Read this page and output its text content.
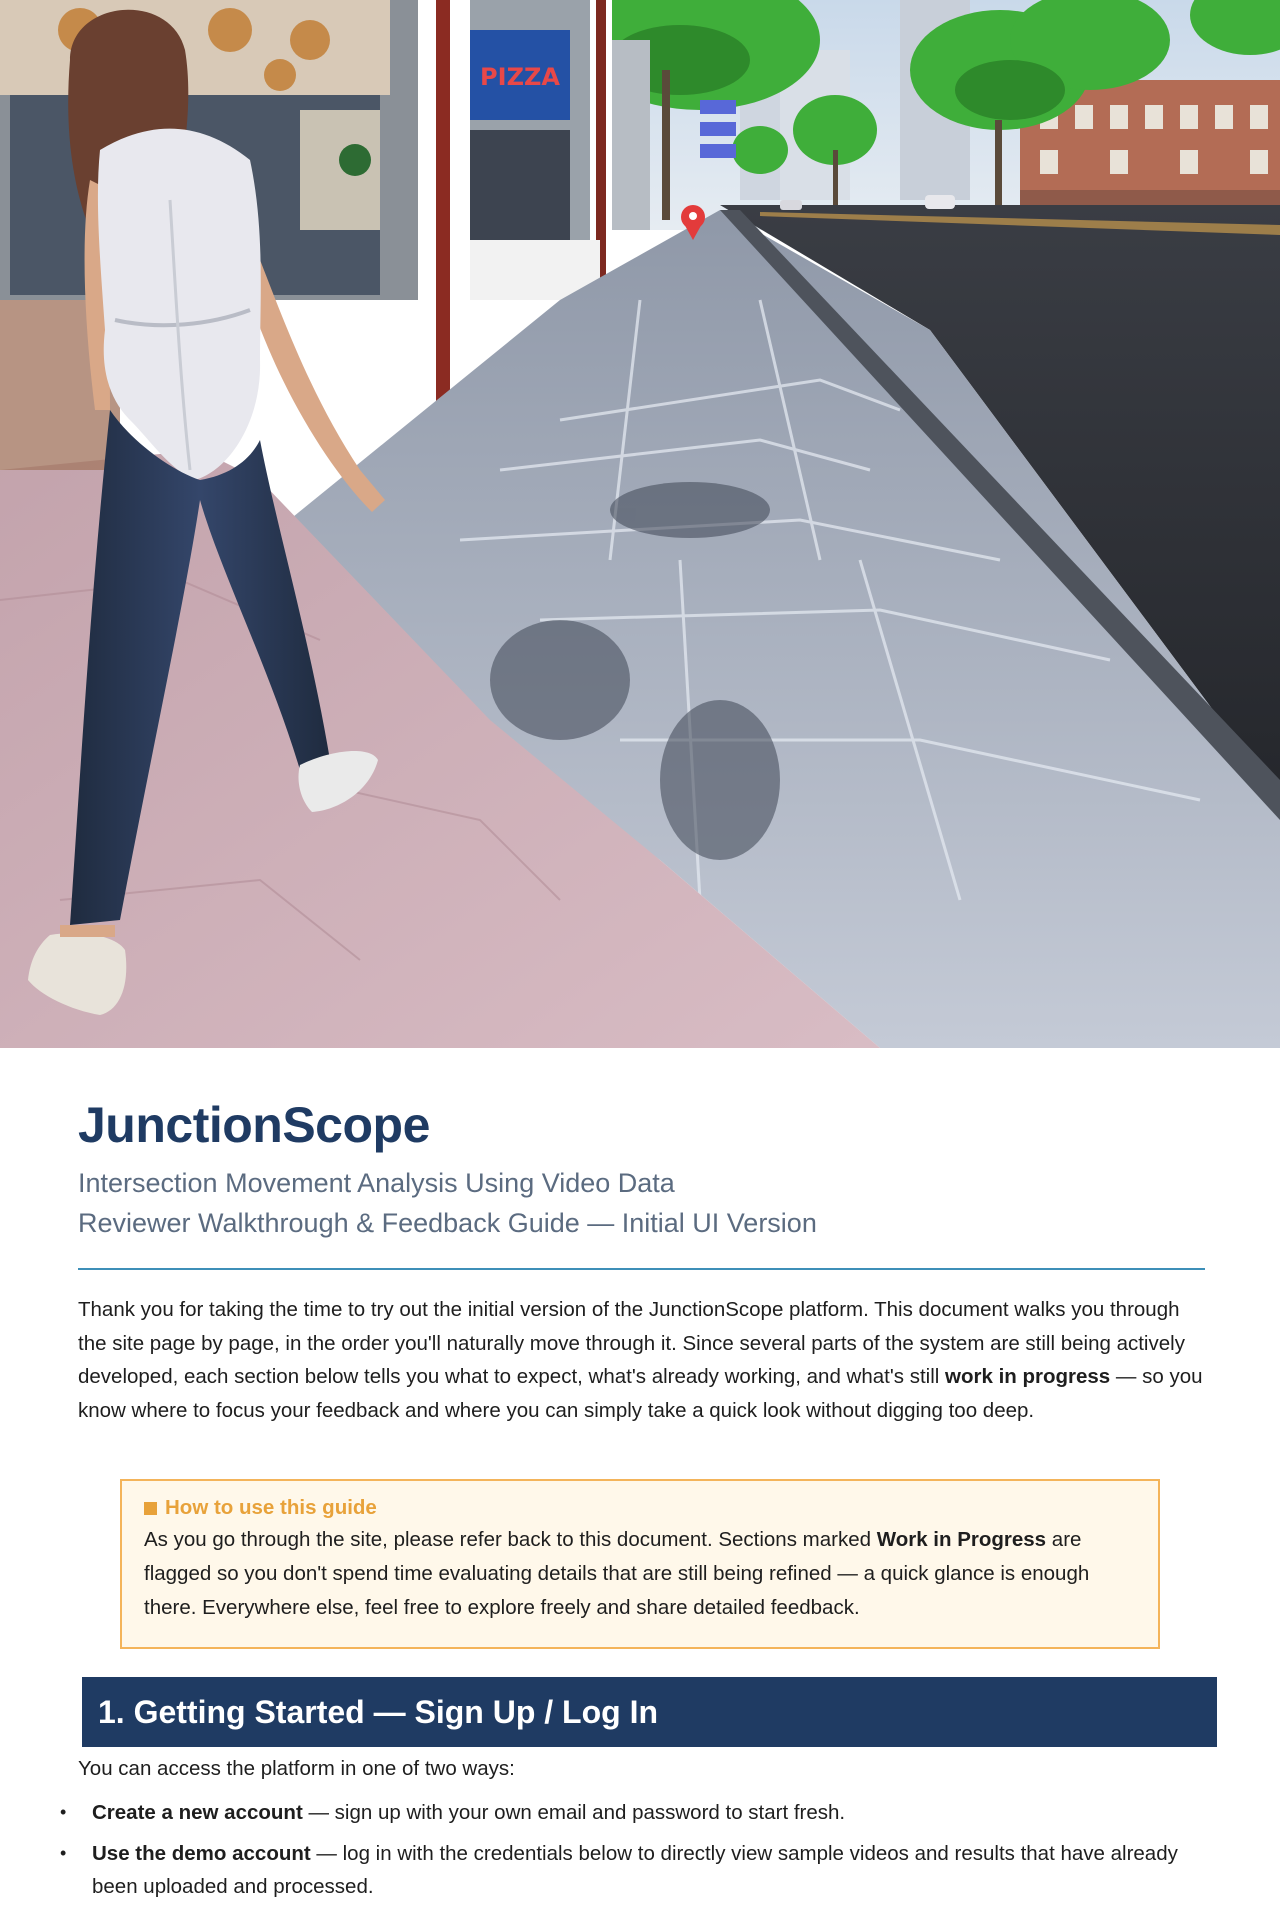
PIZZA
JunctionScope

Intersection Movement Analysis Using Video Data

Reviewer Walkthrough & Feedback Guide — Initial UI Version

Thank you for taking the time to try out the initial version of the JunctionScope platform. This document walks you through the site page by page, in the order you'll naturally move through it. Since several parts of the system are still being actively developed, each section below tells you what to expect, what's already working, and what's still work in progress — so you know where to focus your feedback and where you can simply take a quick look without digging too deep.

How to use this guide

As you go through the site, please refer back to this document. Sections marked Work in Progress are flagged so you don't spend time evaluating details that are still being refined — a quick glance is enough there. Everywhere else, feel free to explore freely and share detailed feedback.

1. Getting Started — Sign Up / Log In

You can access the platform in one of two ways:

• Create a new account — sign up with your own email and password to start fresh.
• Use the demo account — log in with the credentials below to directly view sample videos and results that have already been uploaded and processed.
